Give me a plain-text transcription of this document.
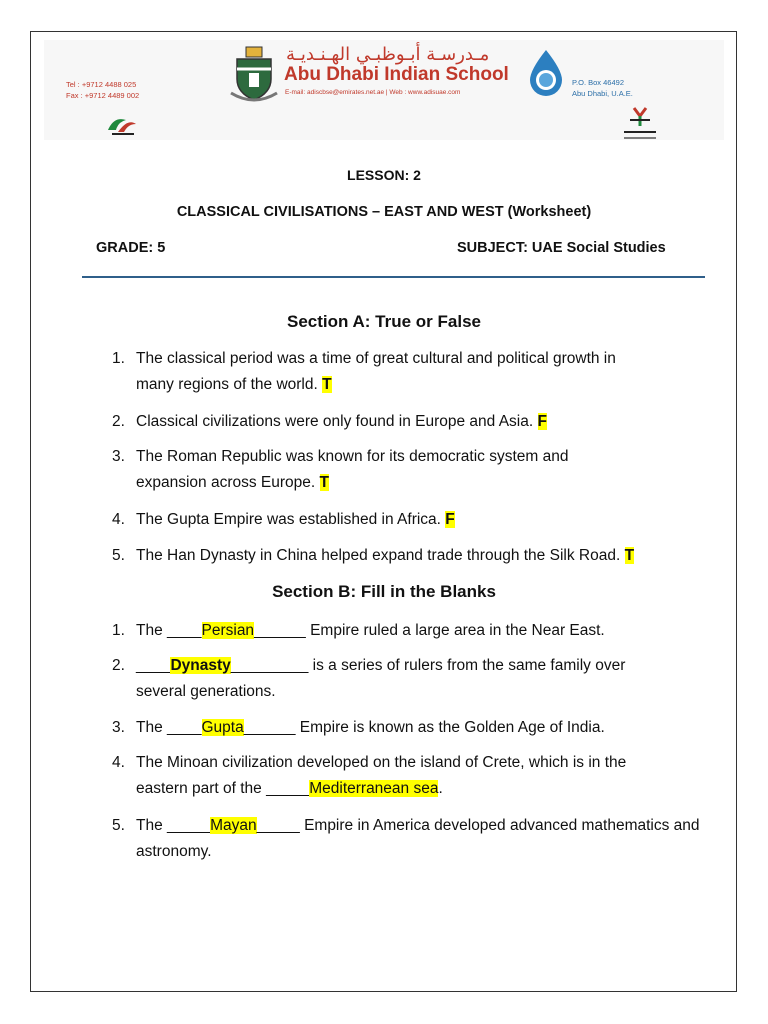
Tel : +9712 4488 025
Fax : +9712 4489 002
مـدرسـة أبـوظبـي الهـنـديـة
Abu Dhabi Indian School
E-mail: adiscbse@emirates.net.ae | Web : www.adisuae.com
P.O. Box 46492
Abu Dhabi, U.A.E.
LESSON: 2
CLASSICAL CIVILISATIONS – EAST AND WEST (Worksheet)
GRADE: 5	SUBJECT: UAE Social Studies
Section A: True or False
1. The classical period was a time of great cultural and political growth in
many regions of the world. T
2. Classical civilizations were only found in Europe and Asia. F
3. The Roman Republic was known for its democratic system and
expansion across Europe. T
4. The Gupta Empire was established in Africa. F
5. The Han Dynasty in China helped expand trade through the Silk Road. T
Section B: Fill in the Blanks
1. The ____Persian______ Empire ruled a large area in the Near East.
2. ____Dynasty_________ is a series of rulers from the same family over
several generations.
3. The ____Gupta______ Empire is known as the Golden Age of India.
4. The Minoan civilization developed on the island of Crete, which is in the
eastern part of the _____Mediterranean sea.
5. The _____Mayan_____ Empire in America developed advanced mathematics and
astronomy.
